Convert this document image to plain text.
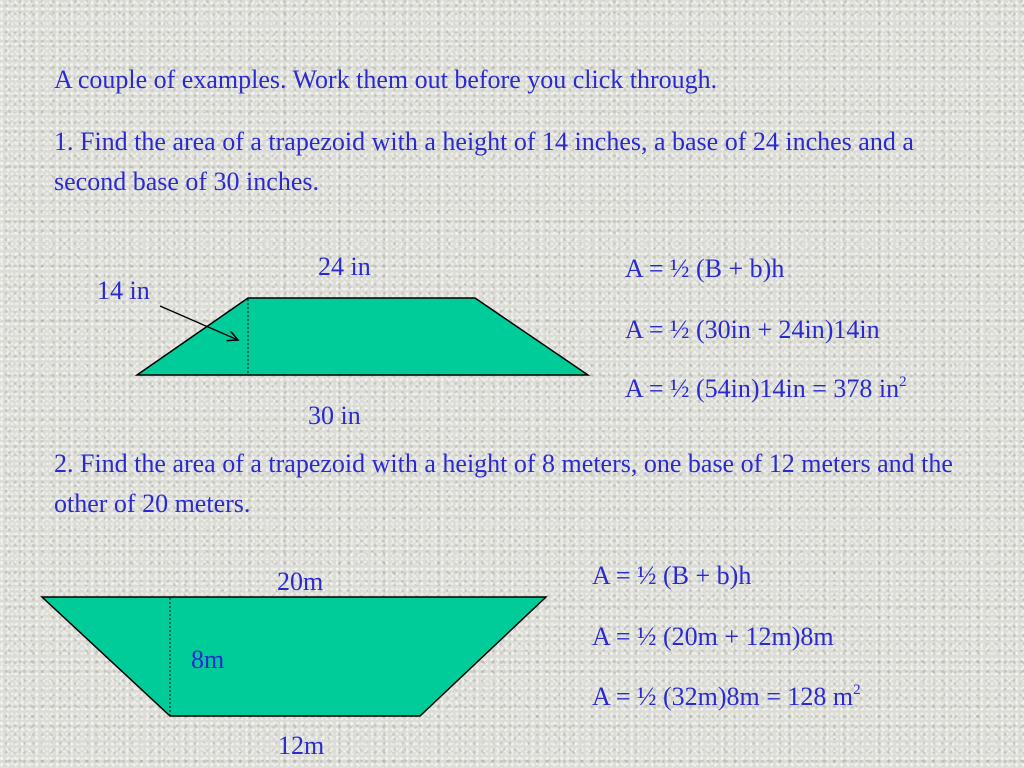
A couple of examples. Work them out before you click through.
1. Find the area of a trapezoid with a height of 14 inches, a base of 24 inches and a second base of 30 inches.
24 in
14 in
30 in
A = ½ (B + b)h
A = ½ (30in + 24in)14in
A = ½ (54in)14in = 378 $in^2$
2. Find the area of a trapezoid with a height of 8 meters, one base of 12 meters and the other of 20 meters.
20m
8m
12m
A = ½ (B + b)h
A = ½ (20m + 12m)8m
A = ½ (32m)8m = 128 $m^2$
